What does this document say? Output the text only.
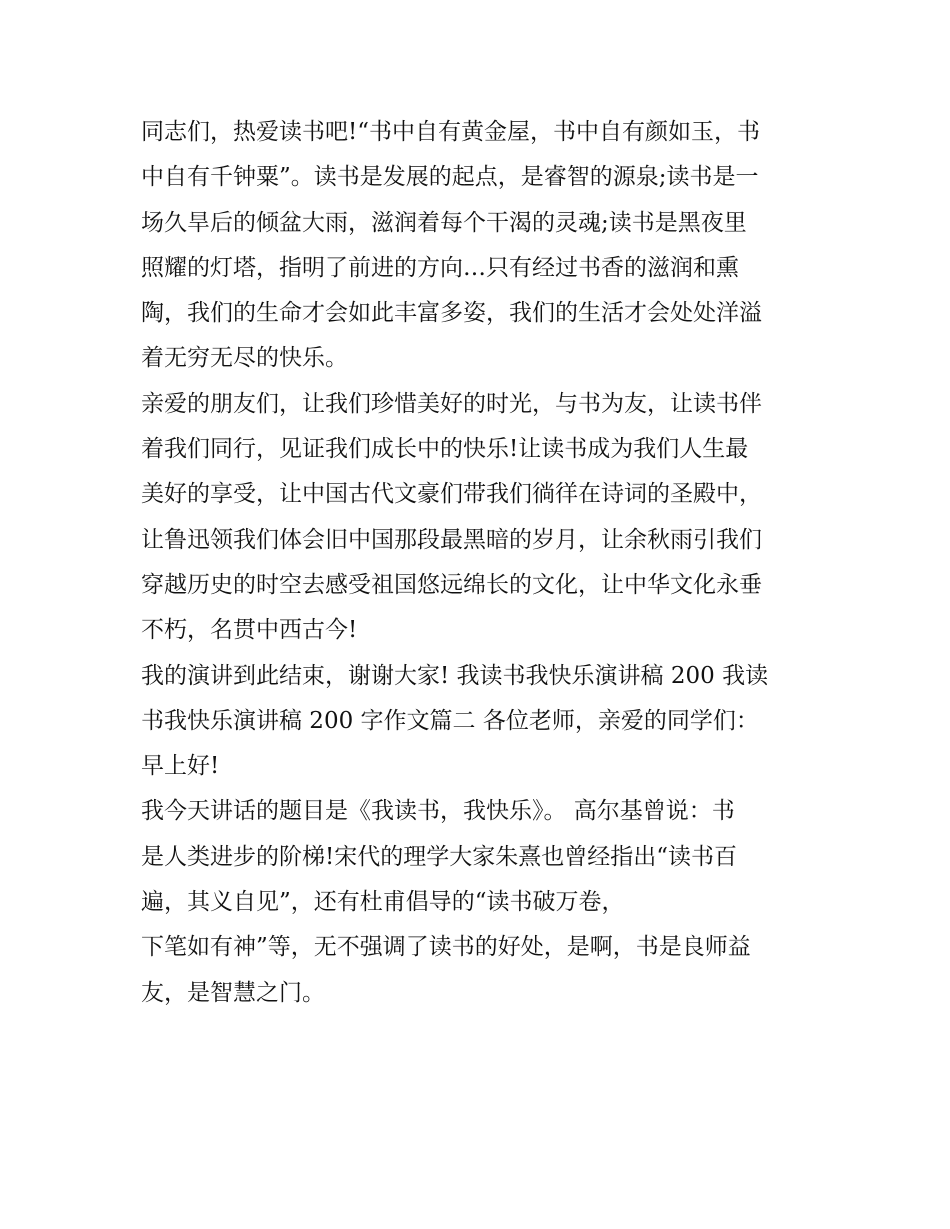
同志们，热爱读书吧!“书中自有黄金屋，书中自有颜如玉，书

中自有千钟粟”。读书是发展的起点，是睿智的源泉;读书是一

场久旱后的倾盆大雨，滋润着每个干渴的灵魂;读书是黑夜里

照耀的灯塔，指明了前进的方向…只有经过书香的滋润和熏

陶，我们的生命才会如此丰富多姿，我们的生活才会处处洋溢

着无穷无尽的快乐。

亲爱的朋友们，让我们珍惜美好的时光，与书为友，让读书伴

着我们同行，见证我们成长中的快乐!让读书成为我们人生最

美好的享受，让中国古代文豪们带我们徜徉在诗词的圣殿中，

让鲁迅领我们体会旧中国那段最黑暗的岁月，让余秋雨引我们

穿越历史的时空去感受祖国悠远绵长的文化，让中华文化永垂

不朽，名贯中西古今!

我的演讲到此结束，谢谢大家! 我读书我快乐演讲稿 200 我读

书我快乐演讲稿 200 字作文篇二 各位老师，亲爱的同学们：

早上好!

我今天讲话的题目是《我读书，我快乐》。 高尔基曾说：书

是人类进步的阶梯!宋代的理学大家朱熹也曾经指出“读书百

遍，其义自见”，还有杜甫倡导的“读书破万卷，

下笔如有神”等，无不强调了读书的好处，是啊，书是良师益

友，是智慧之门。
